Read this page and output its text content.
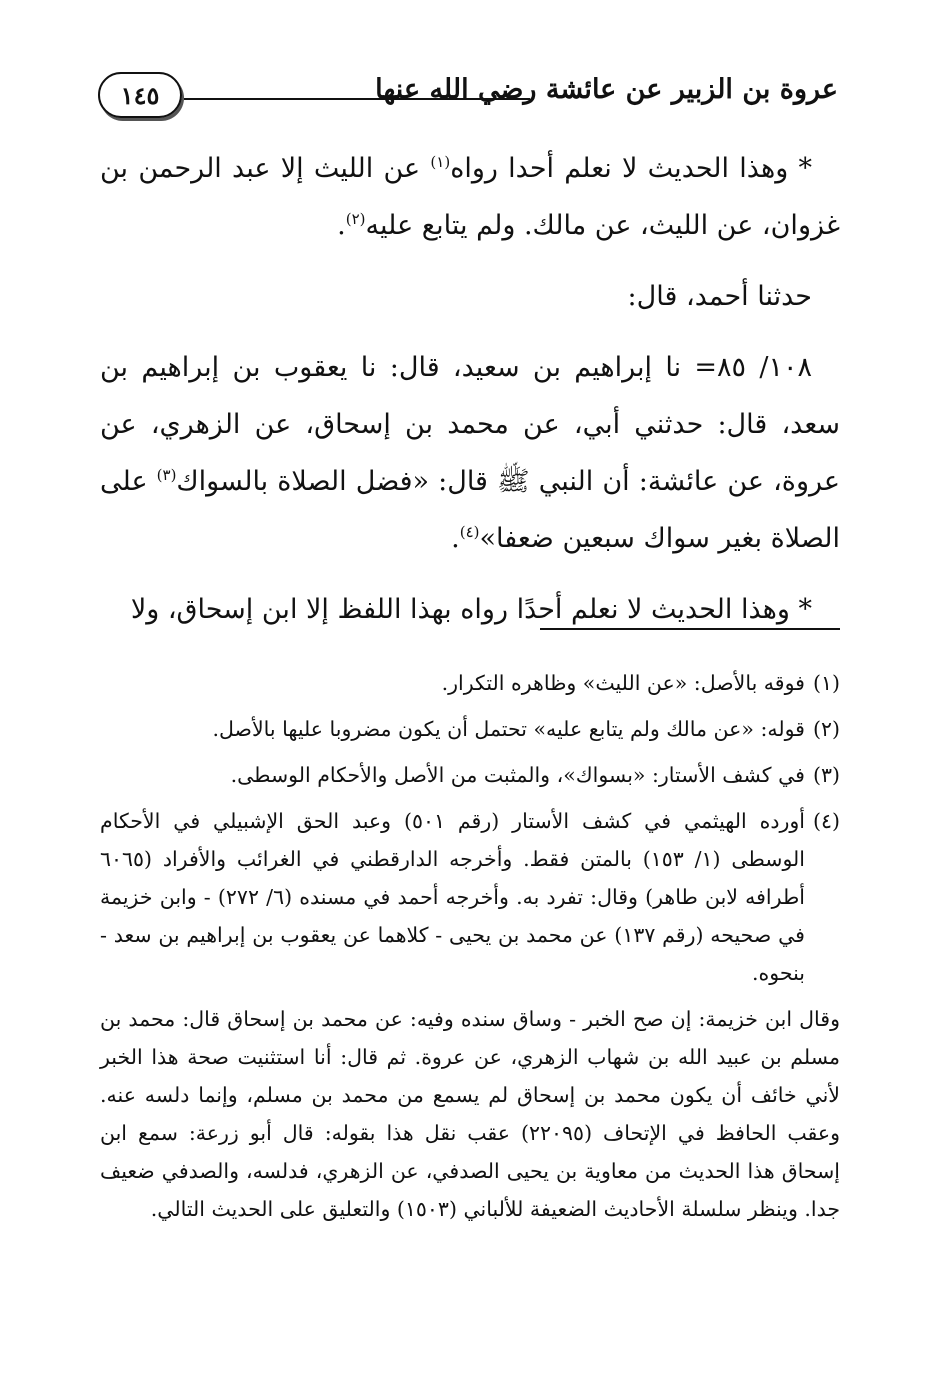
عروة بن الزبير عن عائشة رضي الله عنها
١٤٥

* وهذا الحديث لا نعلم أحدا رواه$^{(١)}$ عن الليث إلا عبد الرحمن بن غزوان، عن الليث، عن مالك. ولم يتابع عليه$^{(٢)}$.

حدثنا أحمد، قال:

١٠٨/ ٨٥= نا إبراهيم بن سعيد، قال: نا يعقوب بن إبراهيم بن سعد، قال: حدثني أبي، عن محمد بن إسحاق، عن الزهري، عن عروة، عن عائشة: أن النبي ﷺ قال: «فضل الصلاة بالسواك$^{(٣)}$ على الصلاة بغير سواك سبعين ضعفا»$^{(٤)}$.

* وهذا الحديث لا نعلم أحدًا رواه بهذا اللفظ إلا ابن إسحاق، ولا

(١)
فوقه بالأصل: «عن الليث» وظاهره التكرار.
(٢)
قوله: «عن مالك ولم يتابع عليه» تحتمل أن يكون مضروبا عليها بالأصل.
(٣)
في كشف الأستار: «بسواك»، والمثبت من الأصل والأحكام الوسطى.
(٤)
أورده الهيثمي في كشف الأستار (رقم ٥٠١) وعبد الحق الإشبيلي في الأحكام الوسطى (١/ ١٥٣) بالمتن فقط. وأخرجه الدارقطني في الغرائب والأفراد (٦٠٦٥ أطرافه لابن طاهر) وقال: تفرد به. وأخرجه أحمد في مسنده (٦/ ٢٧٢) - وابن خزيمة في صحيحه (رقم ١٣٧) عن محمد بن يحيى - كلاهما عن يعقوب بن إبراهيم بن سعد - بنحوه.

وقال ابن خزيمة: إن صح الخبر - وساق سنده وفيه: عن محمد بن إسحاق قال: محمد بن مسلم بن عبيد الله بن شهاب الزهري، عن عروة. ثم قال: أنا استثنيت صحة هذا الخبر لأني خائف أن يكون محمد بن إسحاق لم يسمع من محمد بن مسلم، وإنما دلسه عنه. وعقب الحافظ في الإتحاف (٢٢٠٩٥) عقب نقل هذا بقوله: قال أبو زرعة: سمع ابن إسحاق هذا الحديث من معاوية بن يحيى الصدفي، عن الزهري، فدلسه، والصدفي ضعيف جدا. وينظر سلسلة الأحاديث الضعيفة للألباني (١٥٠٣) والتعليق على الحديث التالي.
